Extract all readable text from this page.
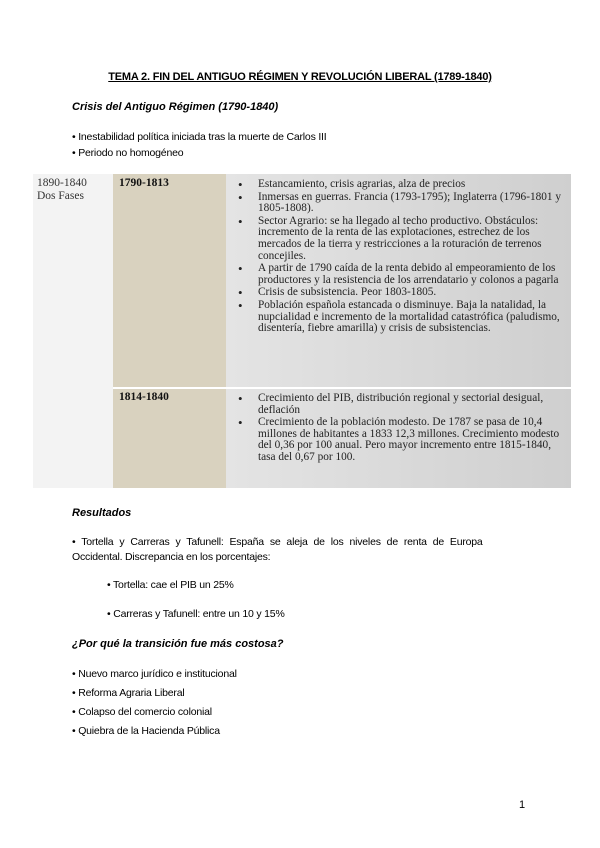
TEMA 2. FIN DEL ANTIGUO RÉGIMEN Y REVOLUCIÓN LIBERAL (1789-1840)
Crisis del Antiguo Régimen (1790-1840)
• Inestabilidad política iniciada tras la muerte de Carlos III
• Periodo no homogéneo
1890-1840
Dos Fases
1790-1813
1814-1840
• Estancamiento, crisis agrarias, alza de precios
• Inmersas en guerras. Francia (1793-1795); Inglaterra (1796-1801 y 1805-1808).
• Sector Agrario: se ha llegado al techo productivo. Obstáculos: incremento de la renta de las explotaciones, estrechez de los mercados de la tierra y restricciones a la roturación de terrenos concejiles.
• A partir de 1790 caída de la renta debido al empeoramiento de los productores y la resistencia de los arrendatario y colonos a pagarla
• Crisis de subsistencia. Peor 1803-1805.
• Población española estancada o disminuye. Baja la natalidad, la nupcialidad e incremento de la mortalidad catastrófica (paludismo, disentería, fiebre amarilla) y crisis de subsistencias.
• Crecimiento del PIB, distribución regional y sectorial desigual, deflación
• Crecimiento de la población modesto. De 1787 se pasa de 10,4 millones de habitantes a 1833 12,3 millones. Crecimiento modesto del 0,36 por 100 anual. Pero mayor incremento entre 1815-1840, tasa del 0,67 por 100.
Resultados
• Tortella y Carreras y Tafunell: España se aleja de los niveles de renta de Europa
Occidental. Discrepancia en los porcentajes:
• Tortella: cae el PIB un 25%
• Carreras y Tafunell: entre un 10 y 15%
¿Por qué la transición fue más costosa?
• Nuevo marco jurídico e institucional
• Reforma Agraria Liberal
• Colapso del comercio colonial
• Quiebra de la Hacienda Pública
1
